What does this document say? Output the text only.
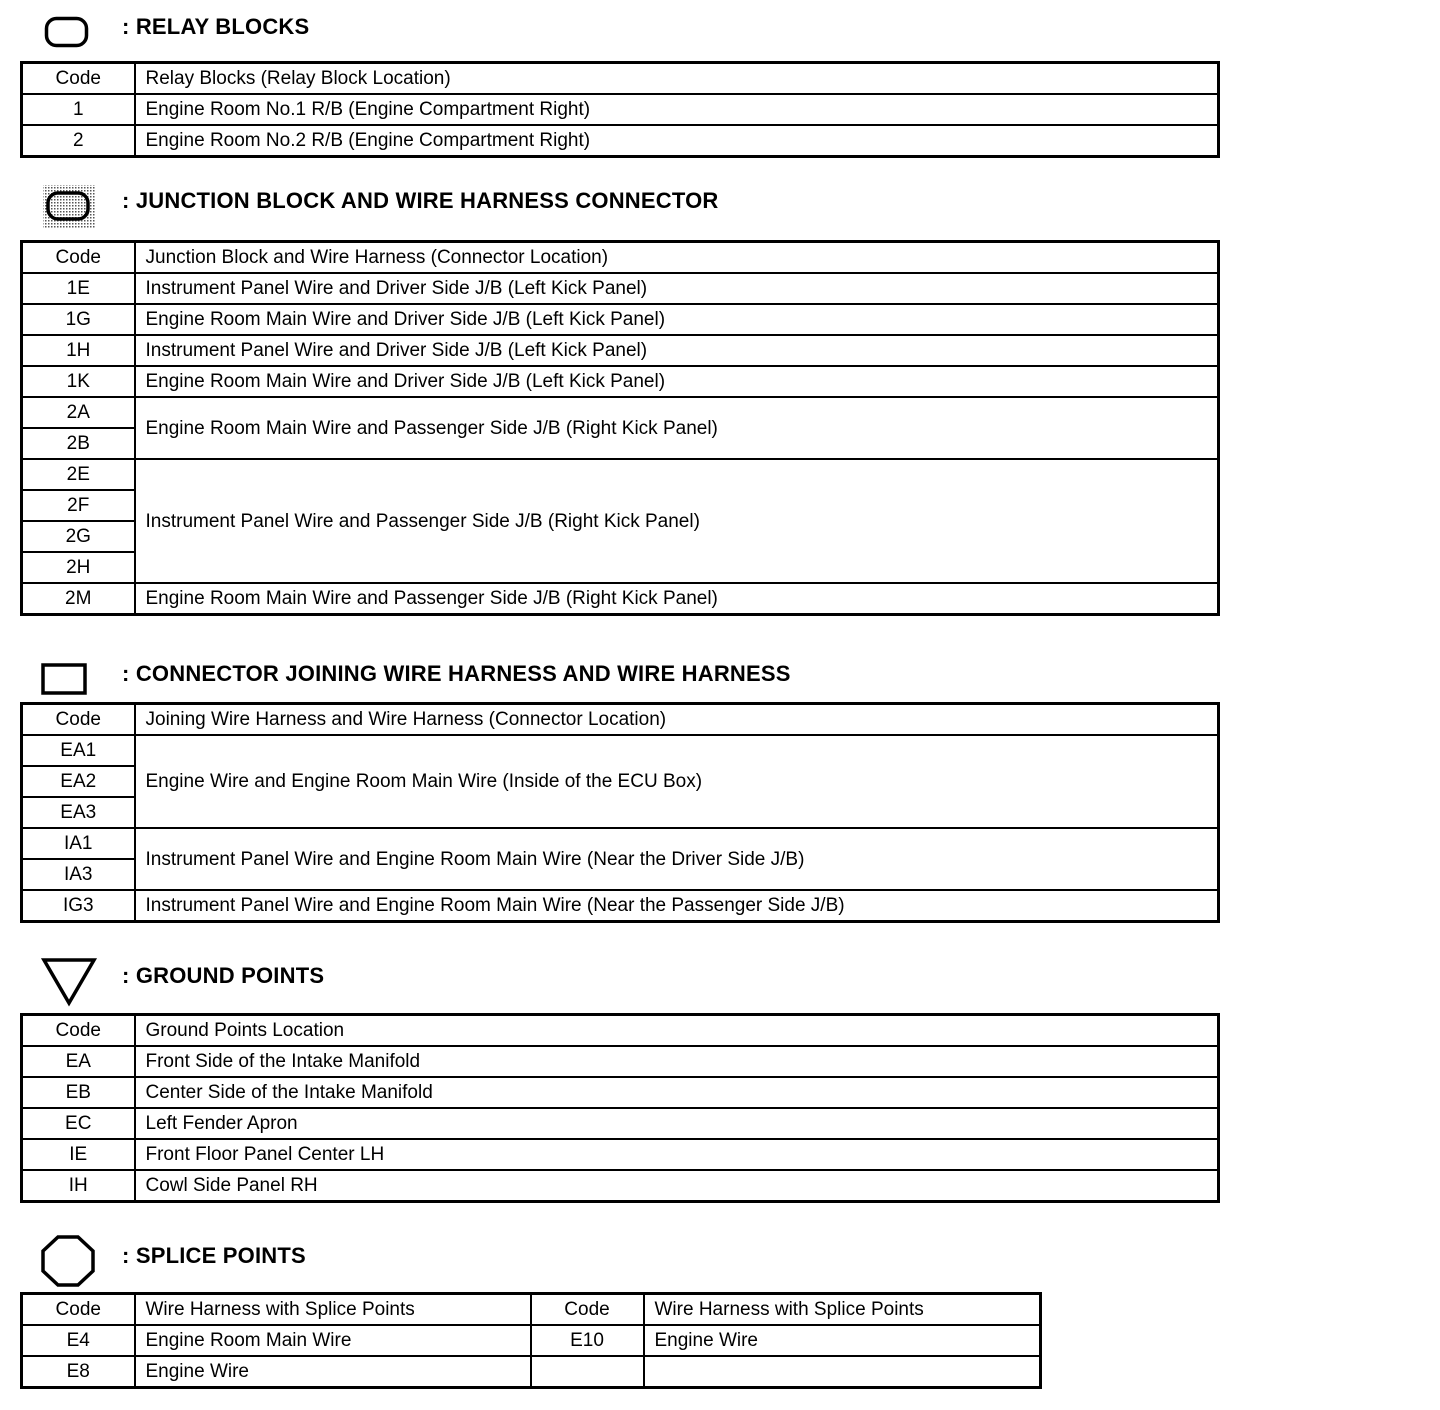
: RELAY BLOCKS
Code	Relay Blocks (Relay Block Location)
1	Engine Room No.1 R/B (Engine Compartment Right)
2	Engine Room No.2 R/B (Engine Compartment Right)
: JUNCTION BLOCK AND WIRE HARNESS CONNECTOR
Code	Junction Block and Wire Harness (Connector Location)
1E	Instrument Panel Wire and Driver Side J/B (Left Kick Panel)
1G	Engine Room Main Wire and Driver Side J/B (Left Kick Panel)
1H	Instrument Panel Wire and Driver Side J/B (Left Kick Panel)
1K	Engine Room Main Wire and Driver Side J/B (Left Kick Panel)
2A	Engine Room Main Wire and Passenger Side J/B (Right Kick Panel)
2B	
2E	Instrument Panel Wire and Passenger Side J/B (Right Kick Panel)
2F	
2G	
2H	
2M	Engine Room Main Wire and Passenger Side J/B (Right Kick Panel)
: CONNECTOR JOINING WIRE HARNESS AND WIRE HARNESS
Code	Joining Wire Harness and Wire Harness (Connector Location)
EA1	Engine Wire and Engine Room Main Wire (Inside of the ECU Box)
EA2	
EA3	
IA1	Instrument Panel Wire and Engine Room Main Wire (Near the Driver Side J/B)
IA3	
IG3	Instrument Panel Wire and Engine Room Main Wire (Near the Passenger Side J/B)
: GROUND POINTS
Code	Ground Points Location
EA	Front Side of the Intake Manifold
EB	Center Side of the Intake Manifold
EC	Left Fender Apron
IE	Front Floor Panel Center LH
IH	Cowl Side Panel RH
: SPLICE POINTS
Code	Wire Harness with Splice Points	Code	Wire Harness with Splice Points
E4	Engine Room Main Wire	E10	Engine Wire
E8	Engine Wire		
